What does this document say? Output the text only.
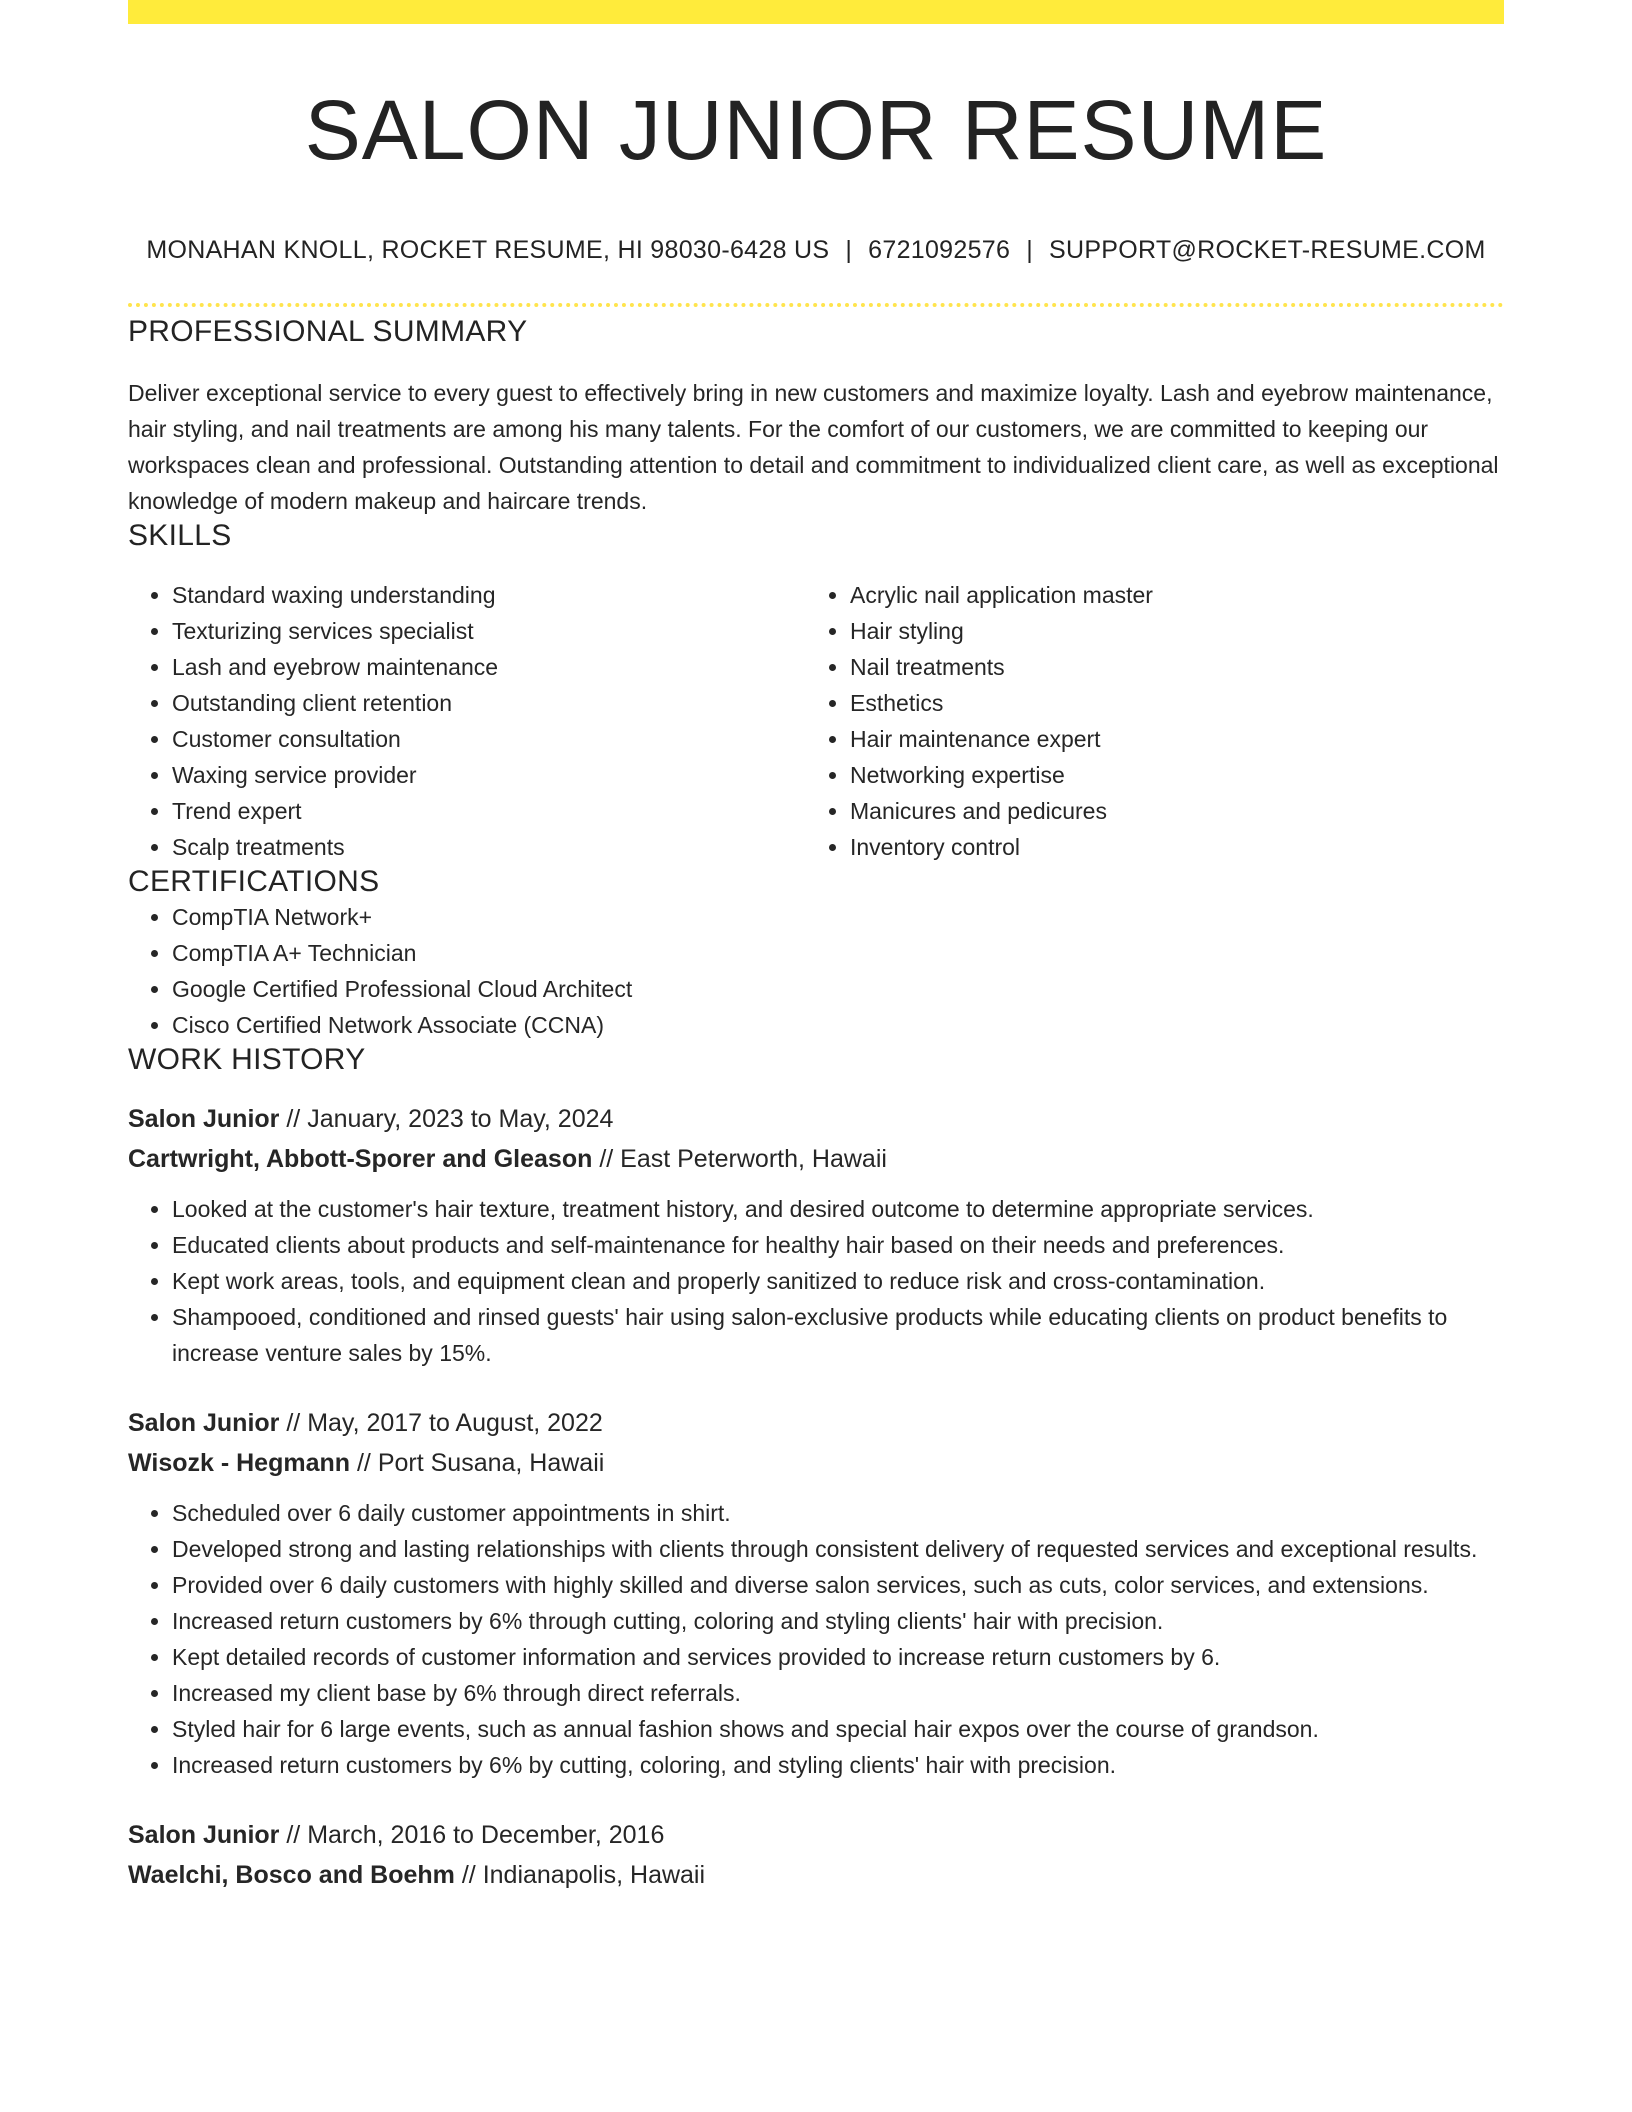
SALON JUNIOR RESUME
MONAHAN KNOLL, ROCKET RESUME, HI 98030-6428 US | 6721092576 | SUPPORT@ROCKET-RESUME.COM
PROFESSIONAL SUMMARY

Deliver exceptional service to every guest to effectively bring in new customers and maximize loyalty. Lash and eyebrow maintenance, hair styling, and nail treatments are among his many talents. For the comfort of our customers, we are committed to keeping our workspaces clean and professional. Outstanding attention to detail and commitment to individualized client care, as well as exceptional knowledge of modern makeup and haircare trends.

SKILLS
• Standard waxing understanding
• Texturizing services specialist
• Lash and eyebrow maintenance
• Outstanding client retention
• Customer consultation
• Waxing service provider
• Trend expert
• Scalp treatments
• Acrylic nail application master
• Hair styling
• Nail treatments
• Esthetics
• Hair maintenance expert
• Networking expertise
• Manicures and pedicures
• Inventory control
CERTIFICATIONS
• CompTIA Network+
• CompTIA A+ Technician
• Google Certified Professional Cloud Architect
• Cisco Certified Network Associate (CCNA)
WORK HISTORY
Salon Junior // January, 2023 to May, 2024
Cartwright, Abbott-Sporer and Gleason // East Peterworth, Hawaii
• Looked at the customer's hair texture, treatment history, and desired outcome to determine appropriate services.
• Educated clients about products and self-maintenance for healthy hair based on their needs and preferences.
• Kept work areas, tools, and equipment clean and properly sanitized to reduce risk and cross-contamination.
• Shampooed, conditioned and rinsed guests' hair using salon-exclusive products while educating clients on product benefits to increase venture sales by 15%.
Salon Junior // May, 2017 to August, 2022
Wisozk - Hegmann // Port Susana, Hawaii
• Scheduled over 6 daily customer appointments in shirt.
• Developed strong and lasting relationships with clients through consistent delivery of requested services and exceptional results.
• Provided over 6 daily customers with highly skilled and diverse salon services, such as cuts, color services, and extensions.
• Increased return customers by 6% through cutting, coloring and styling clients' hair with precision.
• Kept detailed records of customer information and services provided to increase return customers by 6.
• Increased my client base by 6% through direct referrals.
• Styled hair for 6 large events, such as annual fashion shows and special hair expos over the course of grandson.
• Increased return customers by 6% by cutting, coloring, and styling clients' hair with precision.
Salon Junior // March, 2016 to December, 2016
Waelchi, Bosco and Boehm // Indianapolis, Hawaii
